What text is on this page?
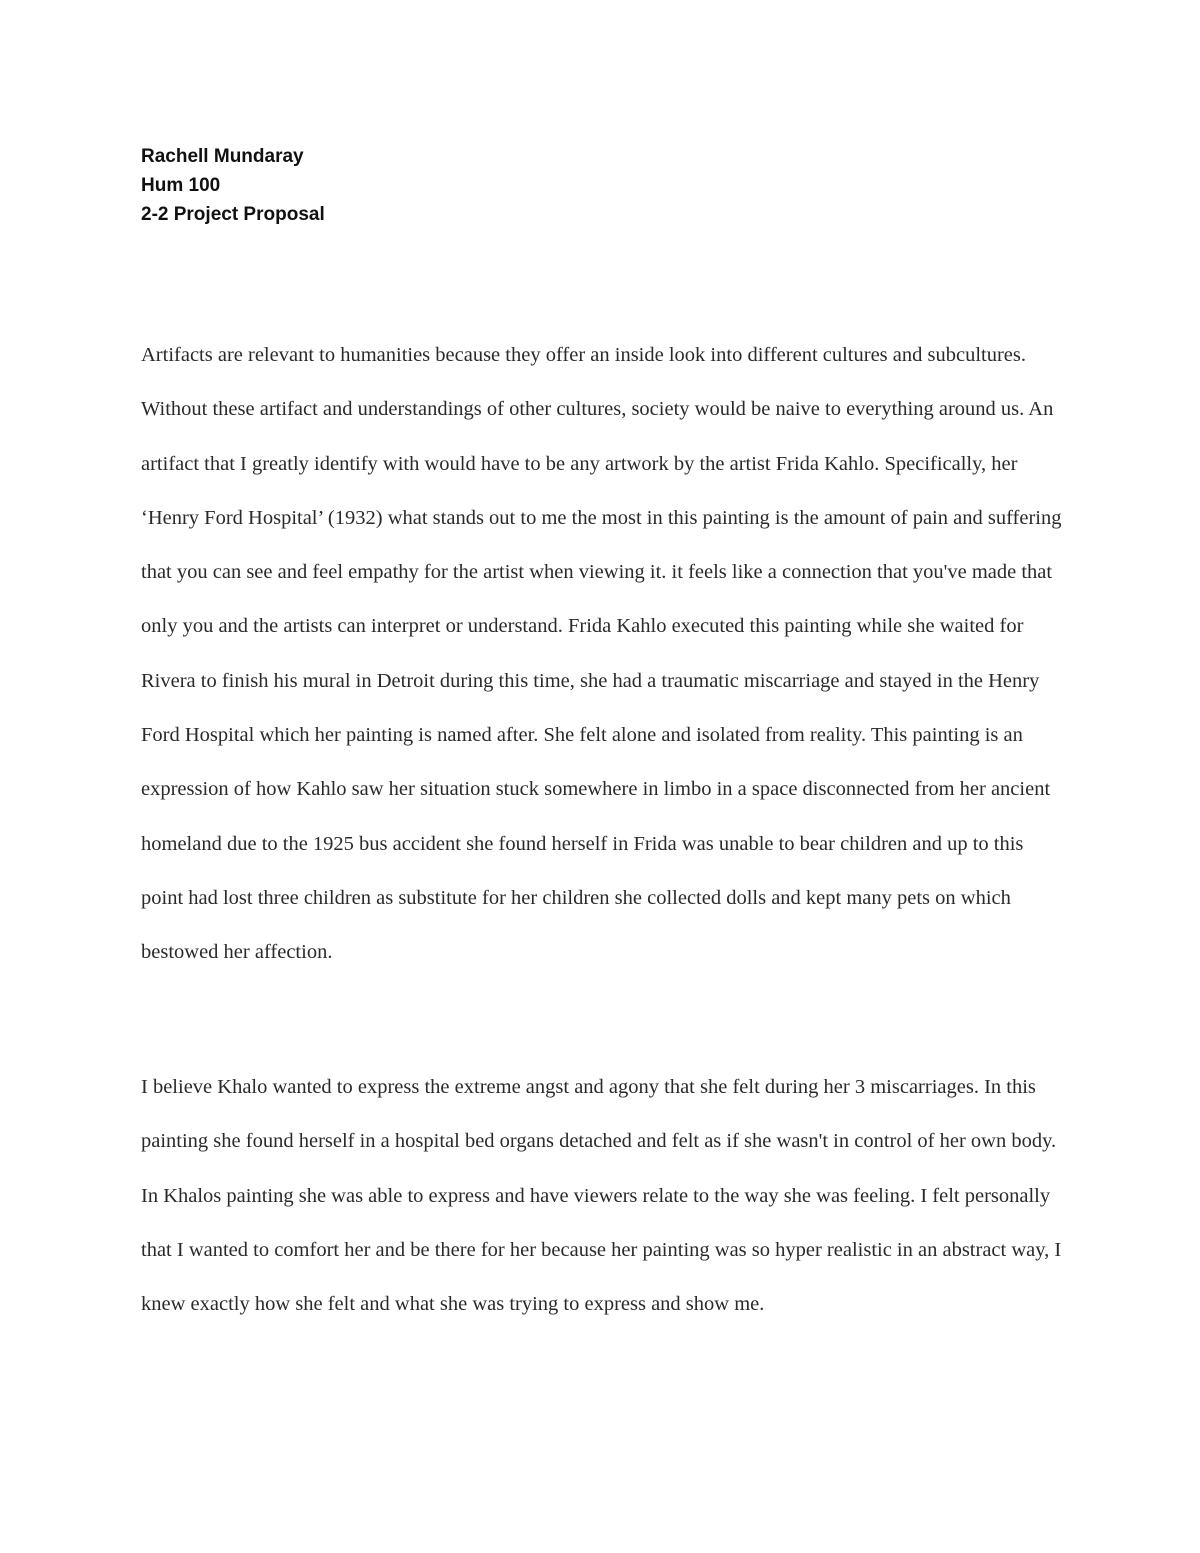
Rachell Mundaray
Hum 100
2-2 Project Proposal

Artifacts are relevant to humanities because they offer an inside look into different cultures and subcultures. Without these artifact and understandings of other cultures, society would be naive to everything around us. An artifact that I greatly identify with would have to be any artwork by the artist Frida Kahlo. Specifically, her ‘Henry Ford Hospital’ (1932) what stands out to me the most in this painting is the amount of pain and suffering that you can see and feel empathy for the artist when viewing it. it feels like a connection that you've made that only you and the artists can interpret or understand. Frida Kahlo executed this painting while she waited for Rivera to finish his mural in Detroit during this time, she had a traumatic miscarriage and stayed in the Henry Ford Hospital which her painting is named after. She felt alone and isolated from reality. This painting is an expression of how Kahlo saw her situation stuck somewhere in limbo in a space disconnected from her ancient homeland due to the 1925 bus accident she found herself in Frida was unable to bear children and up to this point had lost three children as substitute for her children she collected dolls and kept many pets on which bestowed her affection.

I believe Khalo wanted to express the extreme angst and agony that she felt during her 3 miscarriages. In this painting she found herself in a hospital bed organs detached and felt as if she wasn't in control of her own body. In Khalos painting she was able to express and have viewers relate to the way she was feeling. I felt personally that I wanted to comfort her and be there for her because her painting was so hyper realistic in an abstract way, I knew exactly how she felt and what she was trying to express and show me.
